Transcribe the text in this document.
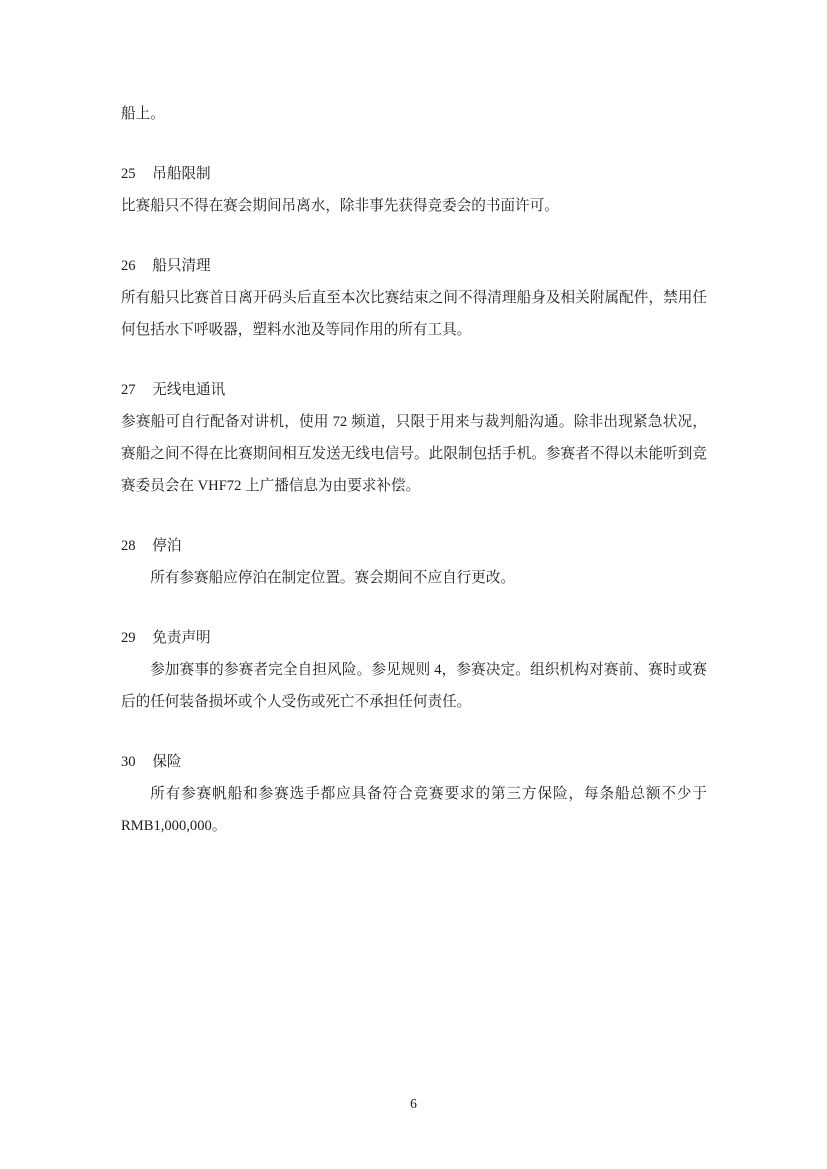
船上。

25 吊船限制

比赛船只不得在赛会期间吊离水，除非事先获得竞委会的书面许可。

26 船只清理

所有船只比赛首日离开码头后直至本次比赛结束之间不得清理船身及相关附属配件，禁用任何包括水下呼吸器，塑料水池及等同作用的所有工具。

27 无线电通讯

参赛船可自行配备对讲机，使用 72 频道，只限于用来与裁判船沟通。除非出现紧急状况，赛船之间不得在比赛期间相互发送无线电信号。此限制包括手机。参赛者不得以未能听到竞赛委员会在 VHF72 上广播信息为由要求补偿。

28 停泊

所有参赛船应停泊在制定位置。赛会期间不应自行更改。

29 免责声明

参加赛事的参赛者完全自担风险。参见规则 4，参赛决定。组织机构对赛前、赛时或赛后的任何装备损坏或个人受伤或死亡不承担任何责任。

30 保险

所有参赛帆船和参赛选手都应具备符合竞赛要求的第三方保险，每条船总额不少于RMB1,000,000。

6
